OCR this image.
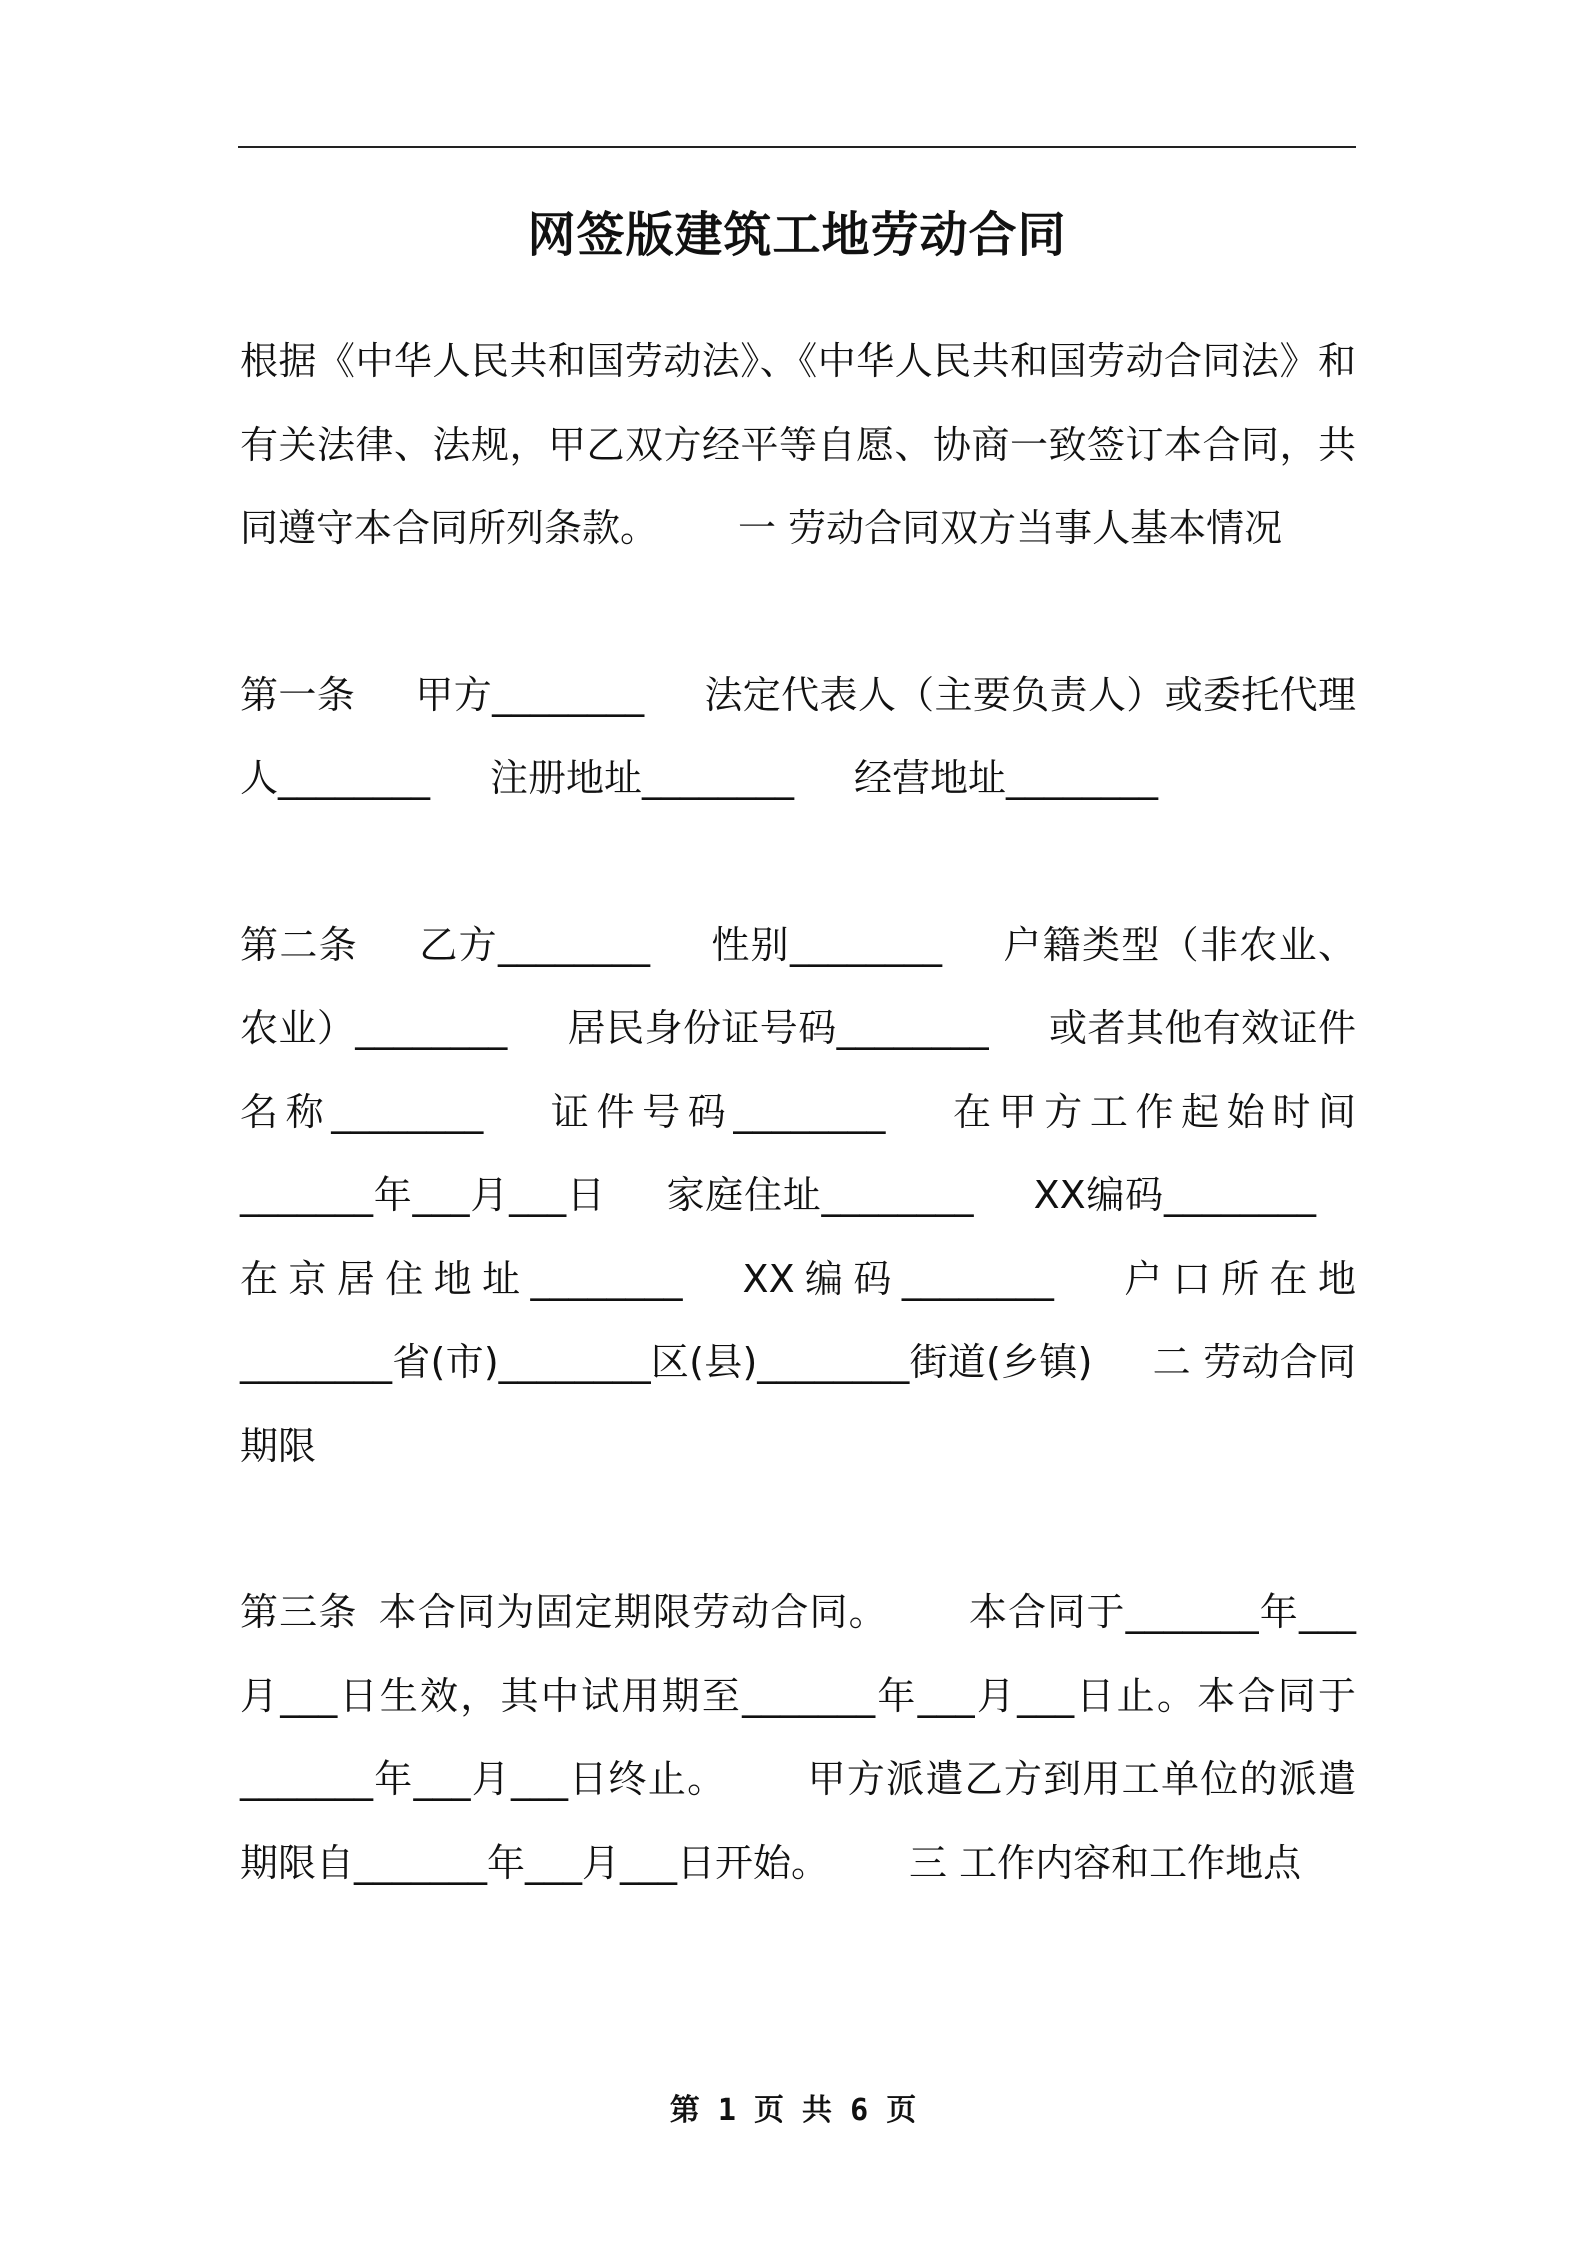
网签版建筑工地劳动合同

根据《中华人民共和国劳动法》、《中华人民共和国劳动合同法》和有关法律、法规，甲乙双方经平等自愿、协商一致签订本合同，共同遵守本合同所列条款。 一 劳动合同双方当事人基本情况

第一条 甲方________ 法定代表人（主要负责人）或委托代理人________ 注册地址________ 经营地址________

第二条 乙方________ 性别________ 户籍类型（非农业、农业）________ 居民身份证号码________ 或者其他有效证件名称________ 证件号码________ 在甲方工作起始时间_______年___月___日 家庭住址________ XX编码________在京居住地址________ XX编码________ 户口所在地________省(市)________区(县)________街道(乡镇) 二 劳动合同期限

第三条 本合同为固定期限劳动合同。 本合同于_______年___月___日生效，其中试用期至_______年___月___日止。本合同于_______年___月___日终止。 甲方派遣乙方到用工单位的派遣期限自_______年___月___日开始。 三 工作内容和工作地点

第 1 页 共 6 页
